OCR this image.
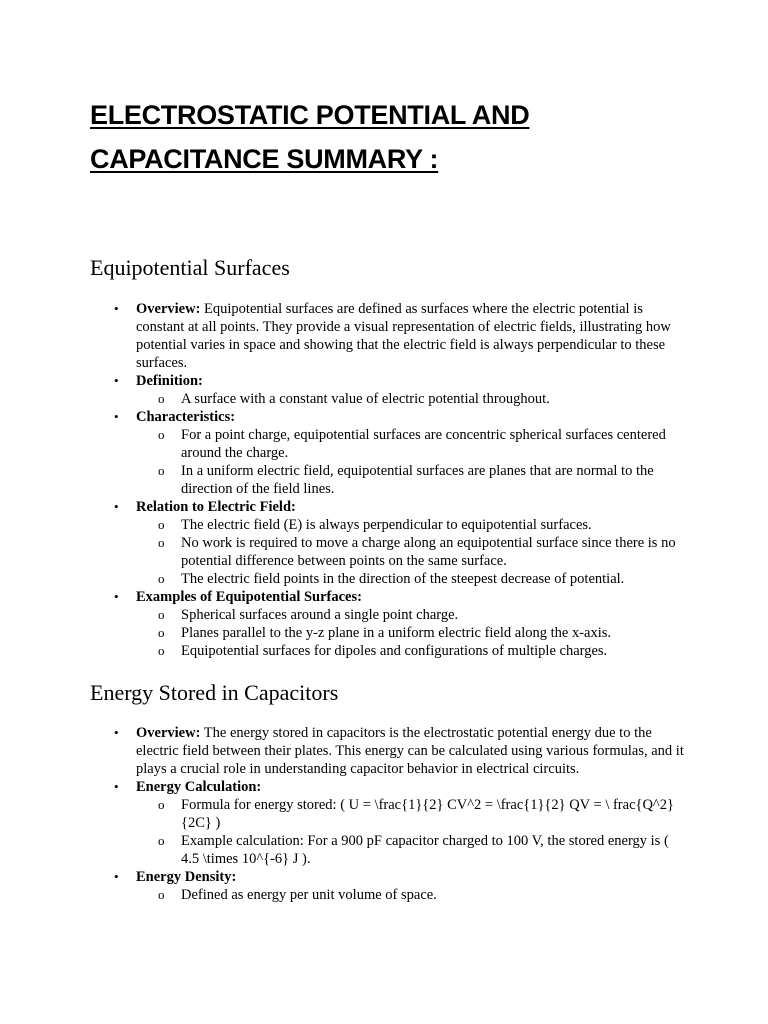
ELECTROSTATIC POTENTIAL AND
CAPACITANCE SUMMARY :
Equipotential Surfaces
• Overview: Equipotential surfaces are defined as surfaces where the electric potential is constant at all points. They provide a visual representation of electric fields, illustrating how potential varies in space and showing that the electric field is always perpendicular to these surfaces.
• Definition:
o A surface with a constant value of electric potential throughout.
• Characteristics:
o For a point charge, equipotential surfaces are concentric spherical surfaces centered around the charge.
o In a uniform electric field, equipotential surfaces are planes that are normal to the direction of the field lines.
• Relation to Electric Field:
o The electric field (E) is always perpendicular to equipotential surfaces.
o No work is required to move a charge along an equipotential surface since there is no potential difference between points on the same surface.
o The electric field points in the direction of the steepest decrease of potential.
• Examples of Equipotential Surfaces:
o Spherical surfaces around a single point charge.
o Planes parallel to the y-z plane in a uniform electric field along the x-axis.
o Equipotential surfaces for dipoles and configurations of multiple charges.
Energy Stored in Capacitors
• Overview: The energy stored in capacitors is the electrostatic potential energy due to the electric field between their plates. This energy can be calculated using various formulas, and it plays a crucial role in understanding capacitor behavior in electrical circuits.
• Energy Calculation:
o Formula for energy stored: ( U = \frac{1}{2} CV^2 = \frac{1}{2} QV = \ frac{Q^2}{2C} )
o Example calculation: For a 900 pF capacitor charged to 100 V, the stored energy is ( 4.5 \times 10^{-6} J ).
• Energy Density:
o Defined as energy per unit volume of space.
